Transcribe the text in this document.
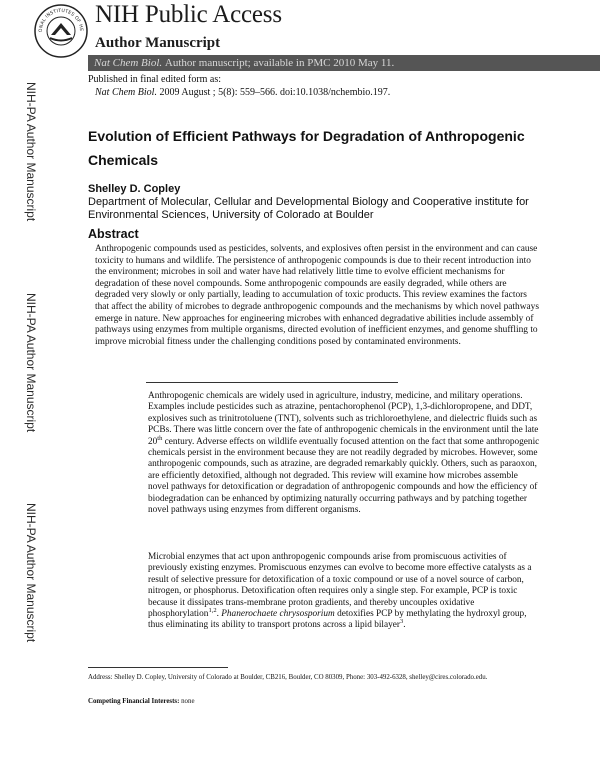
ONAL INSTITUTES OF HE
NIH Public Access
Author Manuscript
Nat Chem Biol. Author manuscript; available in PMC 2010 May 11.
NIH-PA Author Manuscript
NIH-PA Author Manuscript
NIH-PA Author Manuscript
Published in final edited form as:
Nat Chem Biol. 2009 August ; 5(8): 559–566. doi:10.1038/nchembio.197.
Evolution of Efficient Pathways for Degradation of Anthropogenic Chemicals
Shelley D. Copley
Department of Molecular, Cellular and Developmental Biology and Cooperative institute for Environmental Sciences, University of Colorado at Boulder
Abstract

Anthropogenic compounds used as pesticides, solvents, and explosives often persist in the environment and can cause toxicity to humans and wildlife. The persistence of anthropogenic compounds is due to their recent introduction into the environment; microbes in soil and water have had relatively little time to evolve efficient mechanisms for degradation of these novel compounds. Some anthropogenic compounds are easily degraded, while others are degraded very slowly or only partially, leading to accumulation of toxic products. This review examines the factors that affect the ability of microbes to degrade anthropogenic compounds and the mechanisms by which novel pathways emerge in nature. New approaches for engineering microbes with enhanced degradative abilities include assembly of pathways using enzymes from multiple organisms, directed evolution of inefficient enzymes, and genome shuffling to improve microbial fitness under the challenging conditions posed by contaminated environments.

Anthropogenic chemicals are widely used in agriculture, industry, medicine, and military operations. Examples include pesticides such as atrazine, pentachorophenol (PCP), 1,3-dichloropropene, and DDT, explosives such as trinitrotoluene (TNT), solvents such as trichloroethylene, and dielectric fluids such as PCBs. There was little concern over the fate of anthropogenic chemicals in the environment until the late 20th century. Adverse effects on wildlife eventually focused attention on the fact that some anthropogenic chemicals persist in the environment because they are not readily degraded by microbes. However, some anthropogenic compounds, such as atrazine, are degraded remarkably quickly. Others, such as paraoxon, are efficiently detoxified, although not degraded. This review will examine how microbes assemble novel pathways for detoxification or degradation of anthropogenic compounds and how the efficiency of biodegradation can be enhanced by optimizing naturally occurring pathways and by patching together novel pathways using enzymes from different organisms.

Microbial enzymes that act upon anthropogenic compounds arise from promiscuous activities of previously existing enzymes. Promiscuous enzymes can evolve to become more effective catalysts as a result of selective pressure for detoxification of a toxic compound or use of a novel source of carbon, nitrogen, or phosphorus. Detoxification often requires only a single step. For example, PCP is toxic because it dissipates trans-membrane proton gradients, and thereby uncouples oxidative phosphorylation$^{1,2}$. Phanerochaete chrysosporium detoxifies PCP by methylating the hydroxyl group, thus eliminating its ability to transport protons across a lipid bilayer$^3$.

Address: Shelley D. Copley, University of Colorado at Boulder, CB216, Boulder, CO 80309, Phone: 303-492-6328, shelley@cires.colorado.edu.
Competing Financial Interests: none
